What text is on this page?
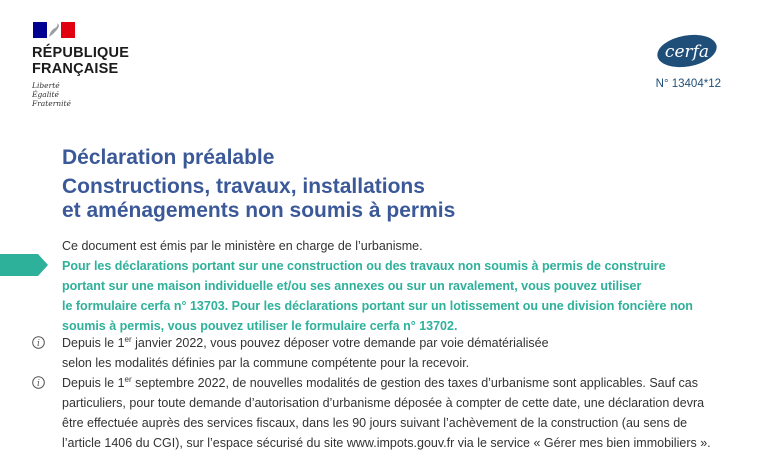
RÉPUBLIQUE
FRANÇAISE
Liberté
Égalité
Fraternité
cerfa
N° 13404*12
Déclaration préalable
Constructions, travaux, installations
et aménagements non soumis à permis
Ce document est émis par le ministère en charge de l’urbanisme.
Pour les déclarations portant sur une construction ou des travaux non soumis à permis de construire
portant sur une maison individuelle et/ou ses annexes ou sur un ravalement, vous pouvez utiliser
le formulaire cerfa n° 13703. Pour les déclarations portant sur un lotissement ou une division foncière non
soumis à permis, vous pouvez utiliser le formulaire cerfa n° 13702.
i Depuis le 1er janvier 2022, vous pouvez déposer votre demande par voie dématérialisée

selon les modalités définies par la commune compétente pour la recevoir.

i Depuis le 1er septembre 2022, de nouvelles modalités de gestion des taxes d’urbanisme sont applicables. Sauf cas

particuliers, pour toute demande d’autorisation d’urbanisme déposée à compter de cette date, une déclaration devra

être effectuée auprès des services fiscaux, dans les 90 jours suivant l’achèvement de la construction (au sens de

l’article 1406 du CGI), sur l’espace sécurisé du site www.impots.gouv.fr via le service « Gérer mes bien immobiliers ».
